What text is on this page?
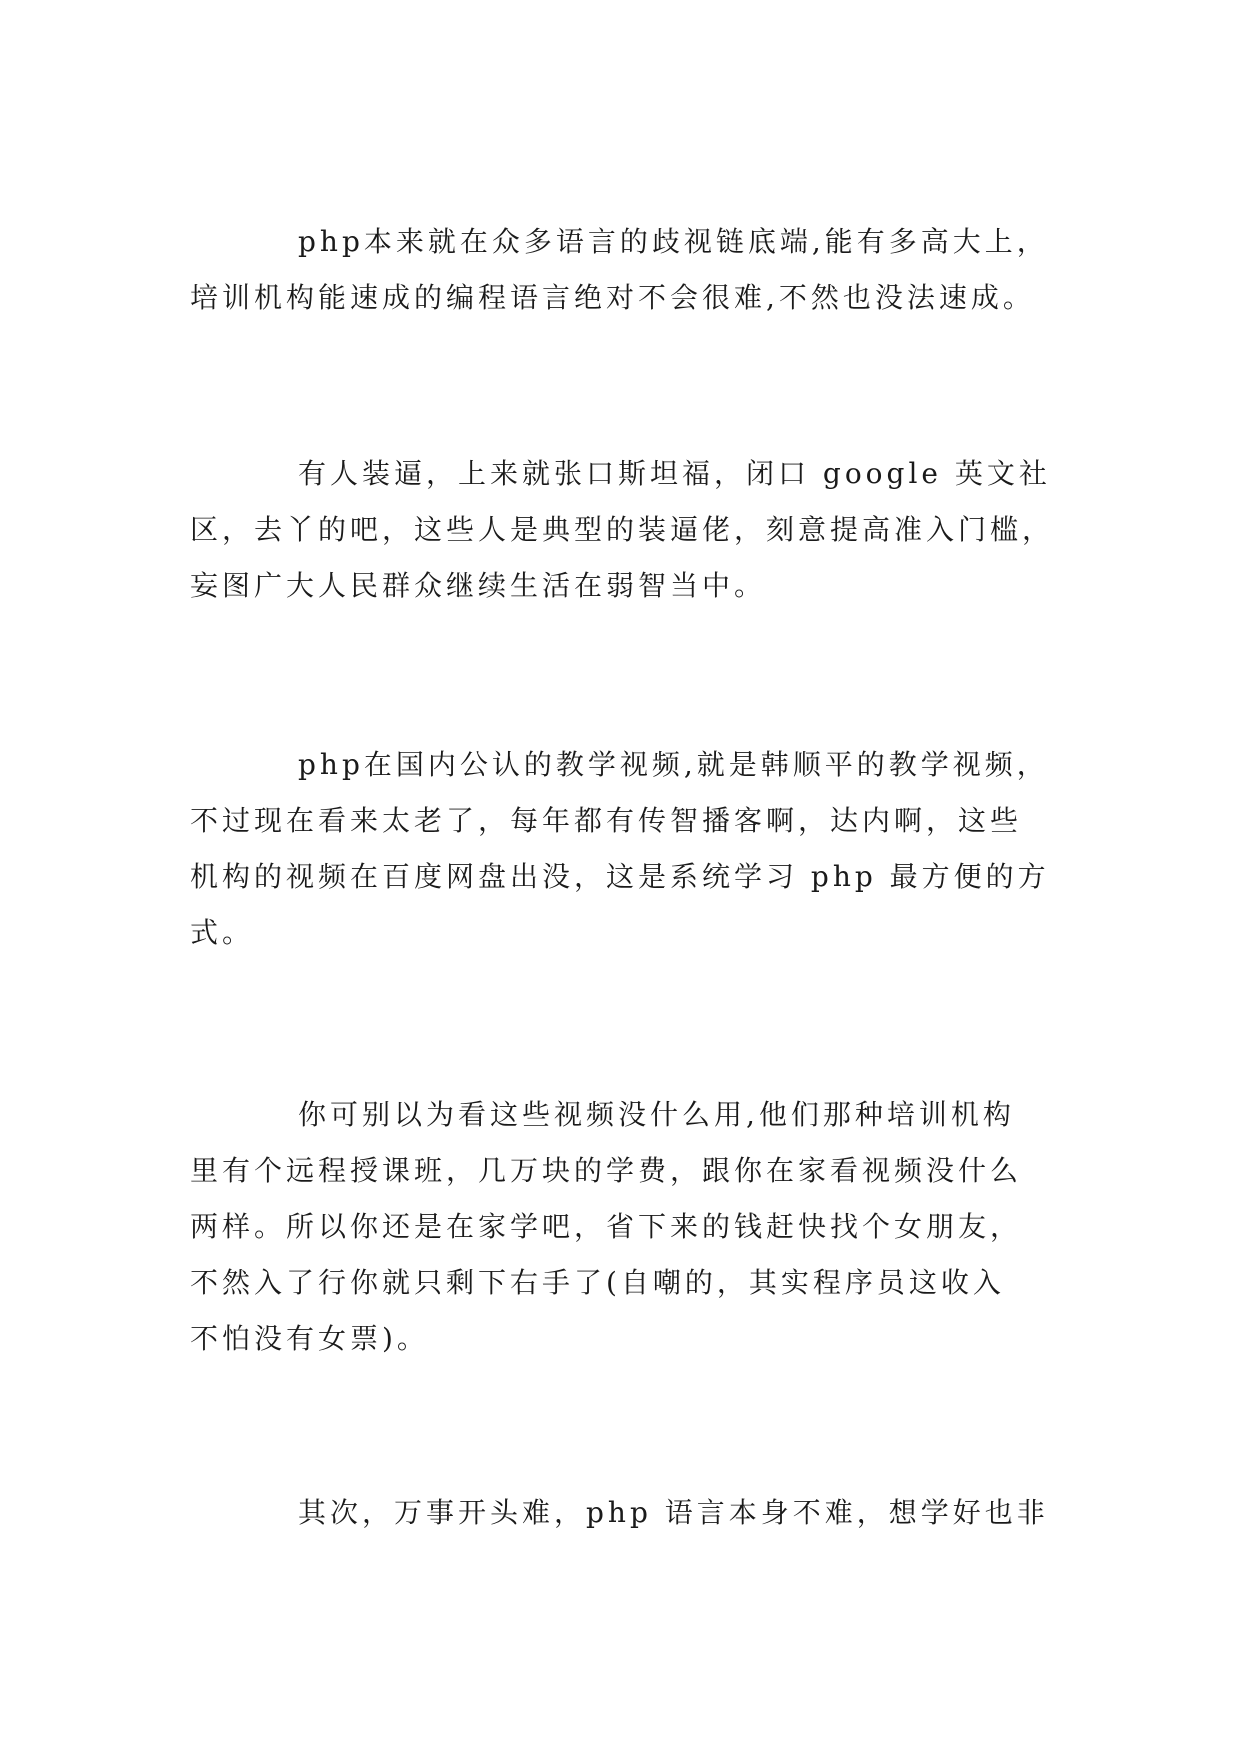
php本来就在众多语言的歧视链底端,能有多高大上，
培训机构能速成的编程语言绝对不会很难,不然也没法速成。
有人装逼，上来就张口斯坦福，闭口 google 英文社
区，去丫的吧，这些人是典型的装逼佬，刻意提高准入门槛，
妄图广大人民群众继续生活在弱智当中。
php在国内公认的教学视频,就是韩顺平的教学视频，
不过现在看来太老了，每年都有传智播客啊，达内啊，这些
机构的视频在百度网盘出没，这是系统学习 php 最方便的方
式。
你可别以为看这些视频没什么用,他们那种培训机构
里有个远程授课班，几万块的学费，跟你在家看视频没什么
两样。所以你还是在家学吧，省下来的钱赶快找个女朋友，
不然入了行你就只剩下右手了(自嘲的，其实程序员这收入
不怕没有女票)。
其次，万事开头难，php 语言本身不难，想学好也非
